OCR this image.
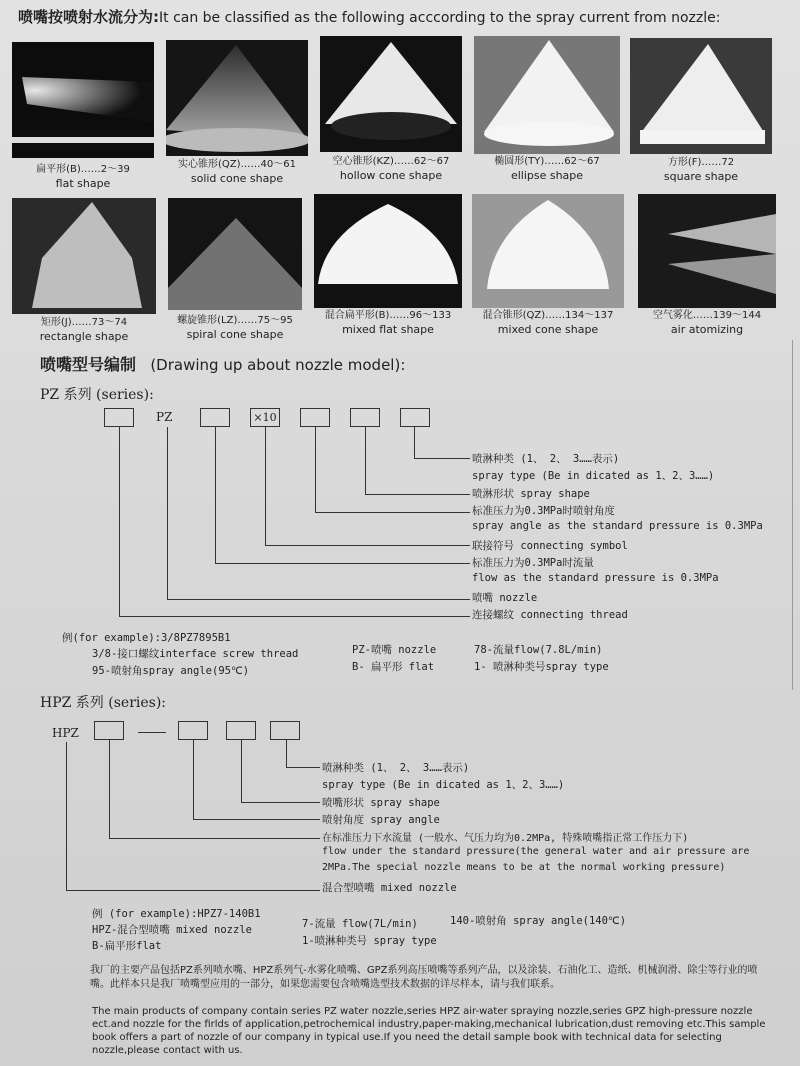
喷嘴按喷射水流分为:It can be classified as the following acccording to the spray current from nozzle:
扁平形(B)……2～39
flat shape
实心锥形(QZ)……40～61
solid cone shape
空心锥形(KZ)……62～67
hollow cone shape
椭圆形(TY)……62～67
ellipse shape
方形(F)……72
square shape
矩形(J)……73～74
rectangle shape
螺旋锥形(LZ)……75～95
spiral cone shape
混合扁平形(B)……96～133
mixed flat shape
混合锥形(QZ)……134～137
mixed cone shape
空气雾化……139～144
air atomizing
喷嘴型号编制 (Drawing up about nozzle model):
PZ 系列 (series):
PZ	×10
喷淋种类 (1、 2、 3……表示)
spray type (Be in dicated as 1、2、3……)
喷淋形状 spray shape
标准压力为0.3MPa时喷射角度
spray angle as the standard pressure is 0.3MPa
联接符号 connecting symbol
标准压力为0.3MPa时流量
flow as the standard pressure is 0.3MPa
喷嘴 nozzle
连接螺纹 connecting thread
例(for example):3/8PZ7895B1
3/8-接口螺纹interface screw thread
95-喷射角spray angle(95℃)
PZ-喷嘴 nozzle
B- 扁平形 flat
78-流量flow(7.8L/min)
1- 喷淋种类号spray type
HPZ 系列 (series):
HPZ
喷淋种类 (1、 2、 3……表示)
spray type (Be in dicated as 1、2、3……)
喷嘴形状 spray shape
喷射角度 spray angle
在标准压力下水流量 (一般水、气压力均为0.2MPa, 特殊喷嘴指正常工作压力下)
flow under the standard pressure(the general water and air pressure are
2MPa.The special nozzle means to be at the normal working pressure)
混合型喷嘴 mixed nozzle
例 (for example):HPZ7-140B1
HPZ-混合型喷嘴 mixed nozzle
B-扁平形flat
7-流量 flow(7L/min)
1-喷淋种类号 spray type
140-喷射角 spray angle(140℃)
我厂的主要产品包括PZ系列喷水嘴、HPZ系列气-水雾化喷嘴、GPZ系列高压喷嘴等系列产品，以及涂装、石油化工、造纸、机械润滑、除尘等行业的喷嘴。此样本只是我厂喷嘴型应用的一部分，如果您需要包含喷嘴选型技术数据的详尽样本，请与我们联系。
The main products of company contain series PZ water nozzle,series HPZ air-water spraying nozzle,series GPZ high-pressure nozzle ect.and nozzle for the firlds of application,petrochemical industry,paper-making,mechanical lubrication,dust removing etc.This sample book offers a part of nozzle of our company in typical use.If you need the detail sample book with technical data for selecting nozzle,please contact with us.
